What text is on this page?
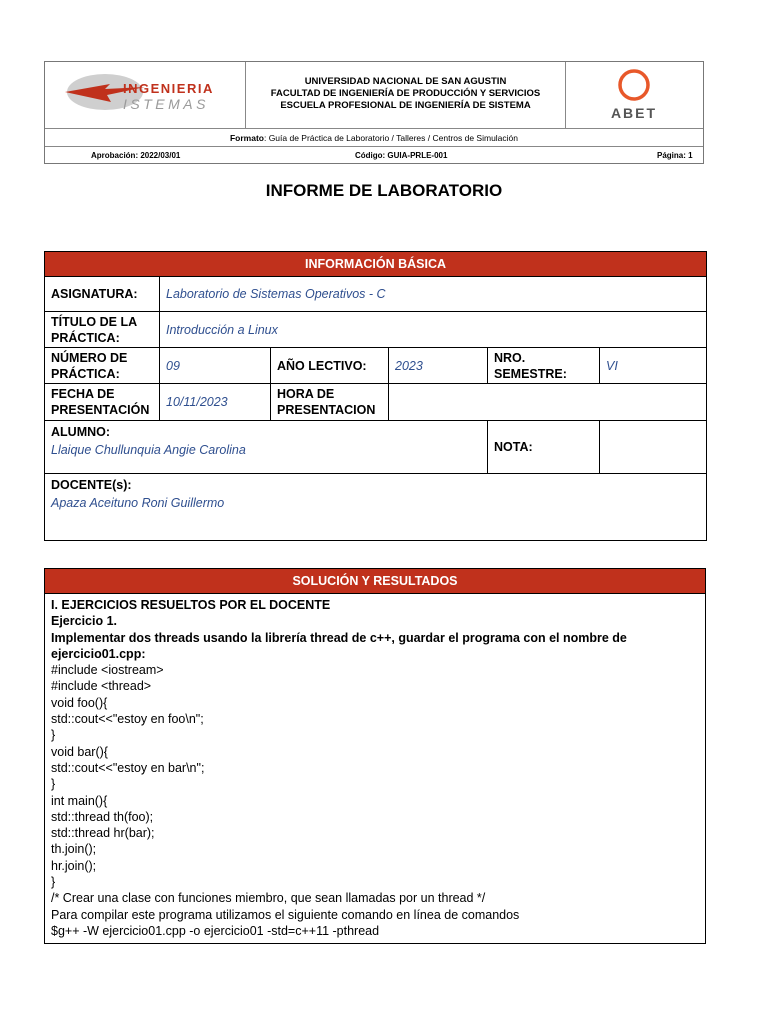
INGENIERIA
ISTEMAS
UNIVERSIDAD NACIONAL DE SAN AGUSTIN
FACULTAD DE INGENIERÍA DE PRODUCCIÓN Y SERVICIOS
ESCUELA PROFESIONAL DE INGENIERÍA DE SISTEMA	ABET
Formato: Guía de Práctica de Laboratorio / Talleres / Centros de Simulación
Aprobación: 2022/03/01	Código: GUIA-PRLE-001	Página: 1
INFORME DE LABORATORIO
INFORMACIÓN BÁSICA					
ASIGNATURA:	Laboratorio de Sistemas Operativos - C				
TÍTULO DE LA PRÁCTICA:	Introducción a Linux				
NÚMERO DE PRÁCTICA:	09	AÑO LECTIVO:	2023	NRO. SEMESTRE:	VI
FECHA DE PRESENTACIÓN	10/11/2023	HORA DE PRESENTACION			

ALUMNO:
Llaique Chullunquia Angie Carolina				NOTA:	

DOCENTE(s):
Apaza Aceituno Roni Guillermo					
SOLUCIÓN Y RESULTADOS

I. EJERCICIOS RESUELTOS POR EL DOCENTE
Ejercicio 1.
Implementar dos threads usando la librería thread de c++, guardar el programa con el nombre de ejercicio01.cpp:
#include <iostream>
#include <thread>
void foo(){
std::cout<<"estoy en foo\n";
}
void bar(){
std::cout<<"estoy en bar\n";
}
int main(){
std::thread th(foo);
std::thread hr(bar);
th.join();
hr.join();
}
/* Crear una clase con funciones miembro, que sean llamadas por un thread */
Para compilar este programa utilizamos el siguiente comando en línea de comandos
$g++ -W ejercicio01.cpp -o ejercicio01 -std=c++11 -pthread
